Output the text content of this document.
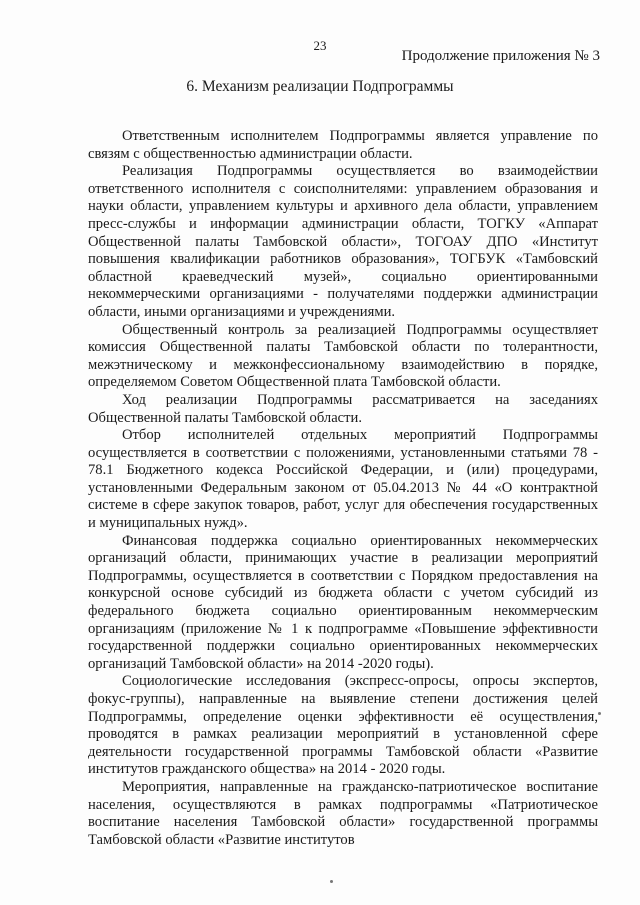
23
Продолжение приложения № 3
6. Механизм реализации Подпрограммы

Ответственным исполнителем Подпрограммы является управление по связям с общественностью администрации области.

Реализация Подпрограммы осуществляется во взаимодействии ответственного исполнителя с соисполнителями: управлением образования и науки области, управлением культуры и архивного дела области, управлением пресс-службы и информации администрации области, ТОГКУ «Аппарат Общественной палаты Тамбовской области», ТОГОАУ ДПО «Институт повышения квалификации работников образования», ТОГБУК «Тамбовский областной краеведческий музей», социально ориентированными некоммерческими организациями - получателями поддержки администрации области, иными организациями и учреждениями.

Общественный контроль за реализацией Подпрограммы осуществляет комиссия Общественной палаты Тамбовской области по толерантности, межэтническому и межконфессиональному взаимодействию в порядке, определяемом Советом Общественной плата Тамбовской области.

Ход реализации Подпрограммы рассматривается на заседаниях Общественной палаты Тамбовской области.

Отбор исполнителей отдельных мероприятий Подпрограммы осуществляется в соответствии с положениями, установленными статьями 78 - 78.1 Бюджетного кодекса Российской Федерации, и (или) процедурами, установленными Федеральным законом от 05.04.2013 № 44 «О контрактной системе в сфере закупок товаров, работ, услуг для обеспечения государственных и муниципальных нужд».

Финансовая поддержка социально ориентированных некоммерческих организаций области, принимающих участие в реализации мероприятий Подпрограммы, осуществляется в соответствии с Порядком предоставления на конкурсной основе субсидий из бюджета области с учетом субсидий из федерального бюджета социально ориентированным некоммерческим организациям (приложение № 1 к подпрограмме «Повышение эффективности государственной поддержки социально ориентированных некоммерческих организаций Тамбовской области» на 2014 -2020 годы).

Социологические исследования (экспресс-опросы, опросы экспертов, фокус-группы), направленные на выявление степени достижения целей Подпрограммы, определение оценки эффективности её осуществления, проводятся в рамках реализации мероприятий в установленной сфере деятельности государственной программы Тамбовской области «Развитие институтов гражданского общества» на 2014 - 2020 годы.

Мероприятия, направленные на гражданско-патриотическое воспитание населения, осуществляются в рамках подпрограммы «Патриотическое воспитание населения Тамбовской области» государственной программы Тамбовской области «Развитие институтов
